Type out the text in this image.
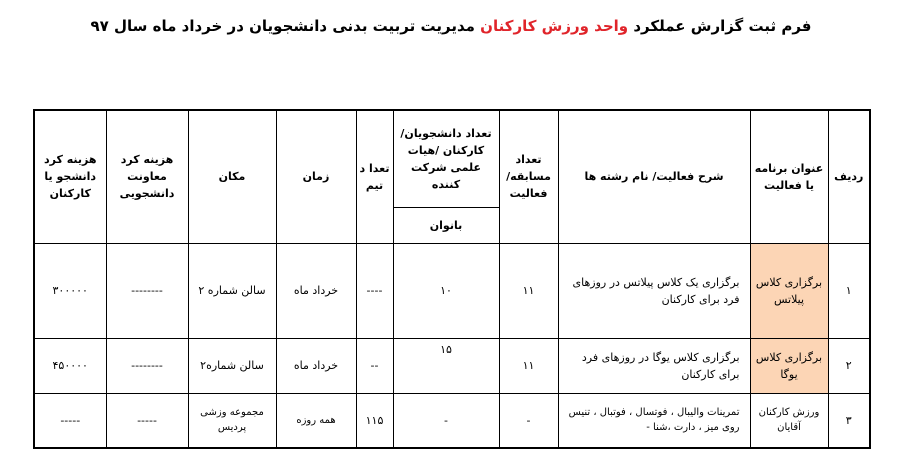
فرم ثبت گزارش عملکرد واحد ورزش کارکنان مدیریت تربیت بدنی دانشجویان در خرداد ماه سال ۹۷
ردیف	عنوان برنامه یا فعالیت	شرح فعالیت/ نام رشته ها	تعداد مسابقه/ فعالیت	تعداد دانشجویان/ کارکنان /هیات علمی شرکت کننده	تعدا د تیم	زمان	مکان	هزینه کرد معاونت دانشجویی	هزینه کرد دانشجو یا کارکنان
				بانوان					
۱	برگزاری کلاس پیلاتس	برگزاری یک کلاس پیلاتس در روزهای فرد برای کارکنان	۱۱	۱۰	----	خرداد ماه	سالن شماره ۲	--------	۳۰۰۰۰۰
۲	برگزاری کلاس یوگا	برگزاری کلاس یوگا در روزهای فرد برای کارکنان	۱۱	۱۵	--	خرداد ماه	سالن شماره۲	--------	۴۵۰۰۰۰
۳	ورزش کارکنان آقایان	تمرینات والیبال ، فوتسال ، فوتبال ، تنیس روی میز ، دارت ،شنا -	-	-	۱۱۵	همه روزه	مجموعه وزشی پردیس	-----	-----
